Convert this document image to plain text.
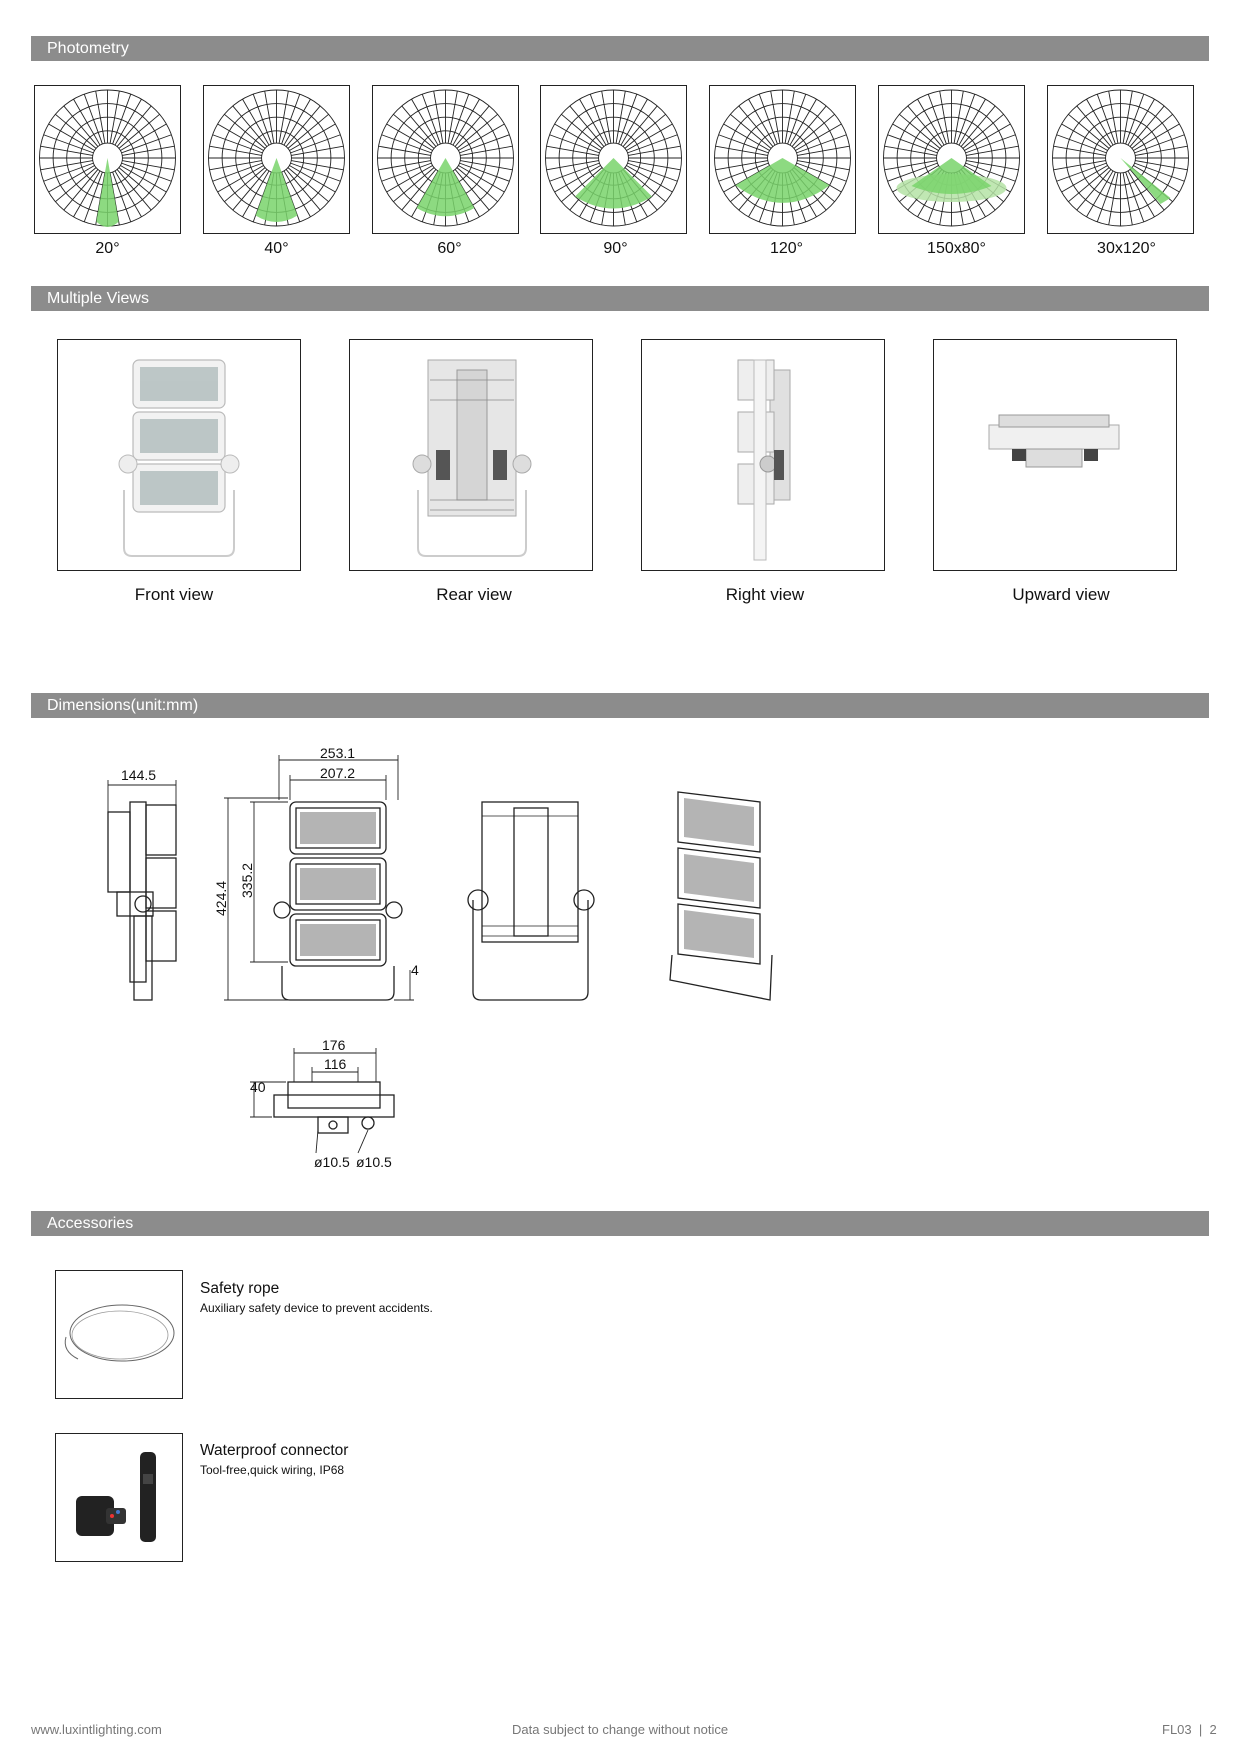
Photometry
20°	40°	60°	90°	120°	150x80°	30x120°
Multiple Views
Front view	Rear view	Right view	Upward view
Dimensions(unit:mm)
144.5
253.1
207.2
424.4
335.2
4
176
116
40
ø10.5 ø10.5
Accessories
Safety rope
Auxiliary safety device to prevent accidents.
Waterproof connector
Tool-free,quick wiring, IP68
www.luxintlighting.com	Data subject to change without notice	FL03  |  2
